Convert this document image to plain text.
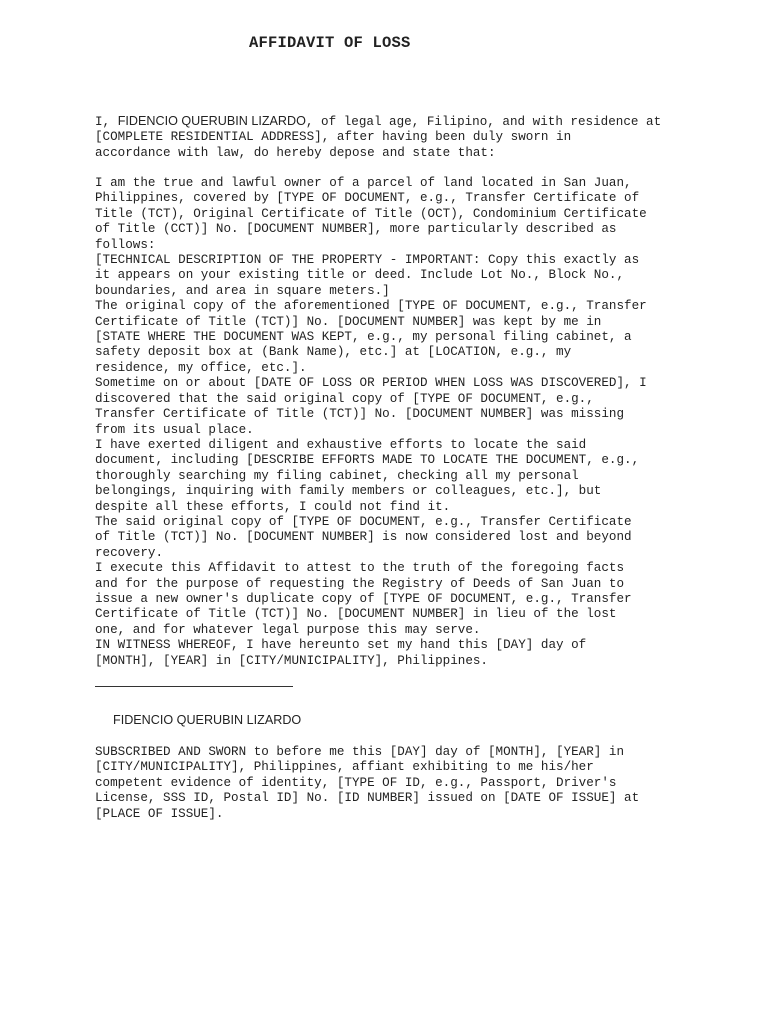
AFFIDAVIT OF LOSS
I, FIDENCIO QUERUBIN LIZARDO, of legal age, Filipino, and with residence at
[COMPLETE RESIDENTIAL ADDRESS], after having been duly sworn in
accordance with law, do hereby depose and state that:
I am the true and lawful owner of a parcel of land located in San Juan,
Philippines, covered by [TYPE OF DOCUMENT, e.g., Transfer Certificate of
Title (TCT), Original Certificate of Title (OCT), Condominium Certificate
of Title (CCT)] No. [DOCUMENT NUMBER], more particularly described as
follows:
[TECHNICAL DESCRIPTION OF THE PROPERTY - IMPORTANT: Copy this exactly as
it appears on your existing title or deed. Include Lot No., Block No.,
boundaries, and area in square meters.]
The original copy of the aforementioned [TYPE OF DOCUMENT, e.g., Transfer
Certificate of Title (TCT)] No. [DOCUMENT NUMBER] was kept by me in
[STATE WHERE THE DOCUMENT WAS KEPT, e.g., my personal filing cabinet, a
safety deposit box at (Bank Name), etc.] at [LOCATION, e.g., my
residence, my office, etc.].
Sometime on or about [DATE OF LOSS OR PERIOD WHEN LOSS WAS DISCOVERED], I
discovered that the said original copy of [TYPE OF DOCUMENT, e.g.,
Transfer Certificate of Title (TCT)] No. [DOCUMENT NUMBER] was missing
from its usual place.
I have exerted diligent and exhaustive efforts to locate the said
document, including [DESCRIBE EFFORTS MADE TO LOCATE THE DOCUMENT, e.g.,
thoroughly searching my filing cabinet, checking all my personal
belongings, inquiring with family members or colleagues, etc.], but
despite all these efforts, I could not find it.
The said original copy of [TYPE OF DOCUMENT, e.g., Transfer Certificate
of Title (TCT)] No. [DOCUMENT NUMBER] is now considered lost and beyond
recovery.
I execute this Affidavit to attest to the truth of the foregoing facts
and for the purpose of requesting the Registry of Deeds of San Juan to
issue a new owner's duplicate copy of [TYPE OF DOCUMENT, e.g., Transfer
Certificate of Title (TCT)] No. [DOCUMENT NUMBER] in lieu of the lost
one, and for whatever legal purpose this may serve.
IN WITNESS WHEREOF, I have hereunto set my hand this [DAY] day of
[MONTH], [YEAR] in [CITY/MUNICIPALITY], Philippines.
FIDENCIO QUERUBIN LIZARDO
SUBSCRIBED AND SWORN to before me this [DAY] day of [MONTH], [YEAR] in
[CITY/MUNICIPALITY], Philippines, affiant exhibiting to me his/her
competent evidence of identity, [TYPE OF ID, e.g., Passport, Driver's
License, SSS ID, Postal ID] No. [ID NUMBER] issued on [DATE OF ISSUE] at
[PLACE OF ISSUE].
